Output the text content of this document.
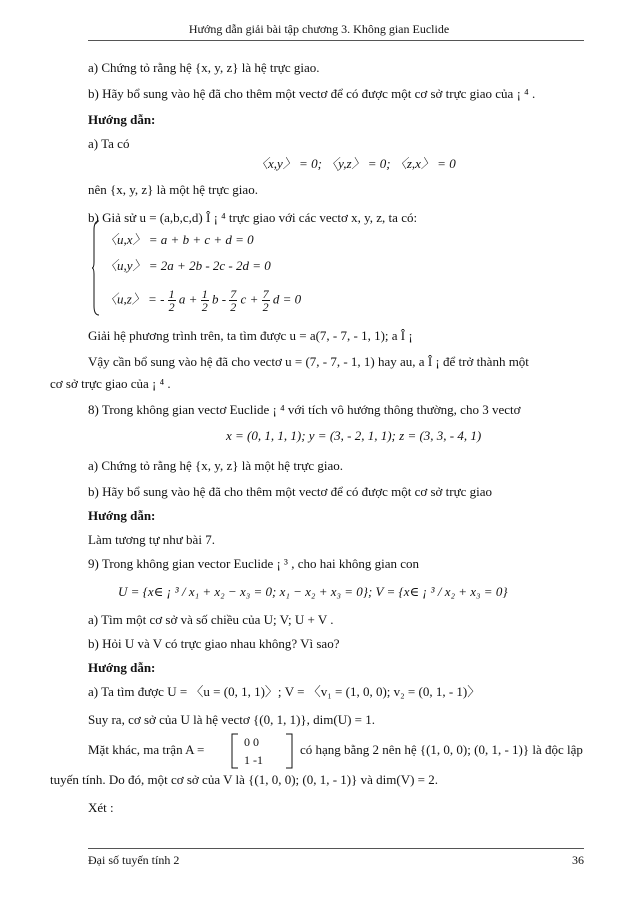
Hướng dẫn giải bài tập chương 3. Không gian Euclide
a) Chứng tỏ rằng hệ {x, y, z} là hệ trực giao.
b) Hãy bổ sung vào hệ đã cho thêm một vectơ để có được một cơ sở trực giao của ¡ ⁴ .
Hướng dẫn:
a) Ta có
〈x,y〉 = 0; 〈y,z〉 = 0; 〈z,x〉 = 0
nên {x, y, z} là một hệ trực giao.
b) Giả sử u = (a,b,c,d) Î ¡ ⁴ trực giao với các vectơ x, y, z, ta có:
〈u,x〉 = a + b + c + d = 0
〈u,y〉 = 2a + 2b - 2c - 2d = 0
〈u,z〉 = - $\frac{1}{2}$ $a + \frac{1}{2}$ b - $\frac{7}{2}$ $c + \frac{7}{2}$ d = 0
Giải hệ phương trình trên, ta tìm được u = a(7, - 7, - 1, 1); a Î ¡
Vậy cần bổ sung vào hệ đã cho vectơ u = (7, - 7, - 1, 1) hay au, a Î ¡ để trở thành một
cơ sở trực giao của ¡ ⁴ .
8) Trong không gian vectơ Euclide ¡ ⁴ với tích vô hướng thông thường, cho 3 vectơ
x = (0, 1, 1, 1); y = (3, - 2, 1, 1); z = (3, 3, - 4, 1)
a) Chứng tỏ rằng hệ {x, y, z} là một hệ trực giao.
b) Hãy bổ sung vào hệ đã cho thêm một vectơ để có được một cơ sở trực giao
Hướng dẫn:
Làm tương tự như bài 7.
9) Trong không gian vector Euclide ¡ ³ , cho hai không gian con
U = {x∈ ¡ ³ / x₁ + x₂ − x₃ = 0; x₁ − x₂ + x₃ = 0}; V = {x∈ ¡ ³ / x₂ + x₃ = 0}
a) Tìm một cơ sở và số chiều của U; V; U + V .
b) Hỏi U và V có trực giao nhau không? Vì sao?
Hướng dẫn:
a) Ta tìm được U = 〈u = (0, 1, 1)〉; V = 〈v₁ = (1, 0, 0); v₂ = (0, 1, - 1)〉
Suy ra, cơ sở của U là hệ vectơ {(0, 1, 1)}, dim(U) = 1.
Mặt khác, ma trận A =	0 0
1 -1
có hạng bằng 2 nên hệ {(1, 0, 0); (0, 1, - 1)} là độc lập
tuyến tính. Do đó, một cơ sở của V là {(1, 0, 0); (0, 1, - 1)} và dim(V) = 2.
Xét :
Đại số tuyến tính 2	36
